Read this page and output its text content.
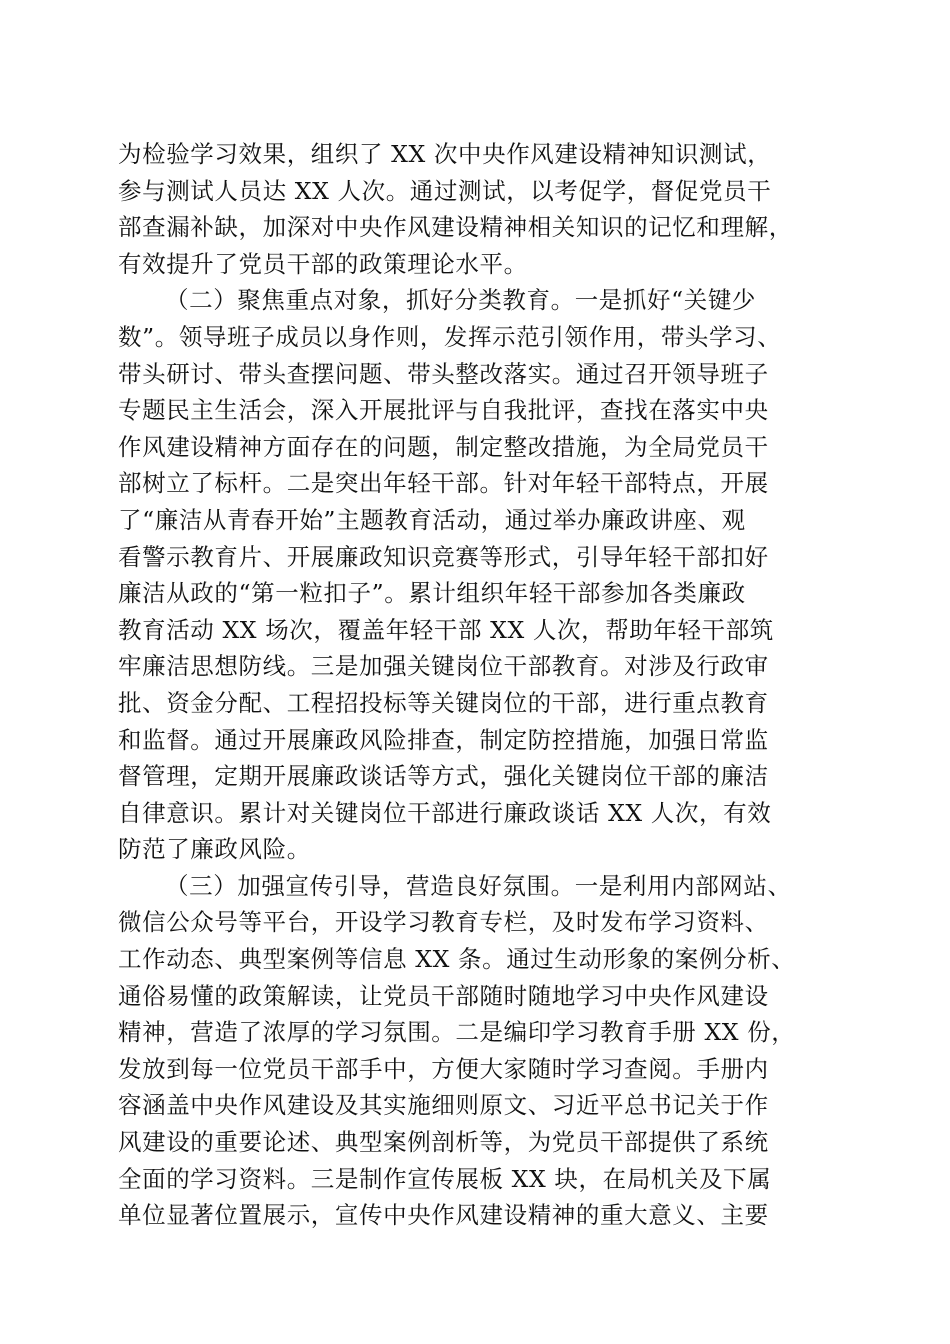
为检验学习效果，组织了 XX 次中央作风建设精神知识测试，
参与测试人员达 XX 人次。通过测试，以考促学，督促党员干
部查漏补缺，加深对中央作风建设精神相关知识的记忆和理解，
有效提升了党员干部的政策理论水平。
（二）聚焦重点对象，抓好分类教育。一是抓好“关键少
数”。领导班子成员以身作则，发挥示范引领作用，带头学习、
带头研讨、带头查摆问题、带头整改落实。通过召开领导班子
专题民主生活会，深入开展批评与自我批评，查找在落实中央
作风建设精神方面存在的问题，制定整改措施，为全局党员干
部树立了标杆。二是突出年轻干部。针对年轻干部特点，开展
了“廉洁从青春开始”主题教育活动，通过举办廉政讲座、观
看警示教育片、开展廉政知识竞赛等形式，引导年轻干部扣好
廉洁从政的“第一粒扣子”。累计组织年轻干部参加各类廉政
教育活动 XX 场次，覆盖年轻干部 XX 人次，帮助年轻干部筑
牢廉洁思想防线。三是加强关键岗位干部教育。对涉及行政审
批、资金分配、工程招投标等关键岗位的干部，进行重点教育
和监督。通过开展廉政风险排查，制定防控措施，加强日常监
督管理，定期开展廉政谈话等方式，强化关键岗位干部的廉洁
自律意识。累计对关键岗位干部进行廉政谈话 XX 人次，有效
防范了廉政风险。
（三）加强宣传引导，营造良好氛围。一是利用内部网站、
微信公众号等平台，开设学习教育专栏，及时发布学习资料、
工作动态、典型案例等信息 XX 条。通过生动形象的案例分析、
通俗易懂的政策解读，让党员干部随时随地学习中央作风建设
精神，营造了浓厚的学习氛围。二是编印学习教育手册 XX 份，
发放到每一位党员干部手中，方便大家随时学习查阅。手册内
容涵盖中央作风建设及其实施细则原文、习近平总书记关于作
风建设的重要论述、典型案例剖析等，为党员干部提供了系统
全面的学习资料。三是制作宣传展板 XX 块，在局机关及下属
单位显著位置展示，宣传中央作风建设精神的重大意义、主要
